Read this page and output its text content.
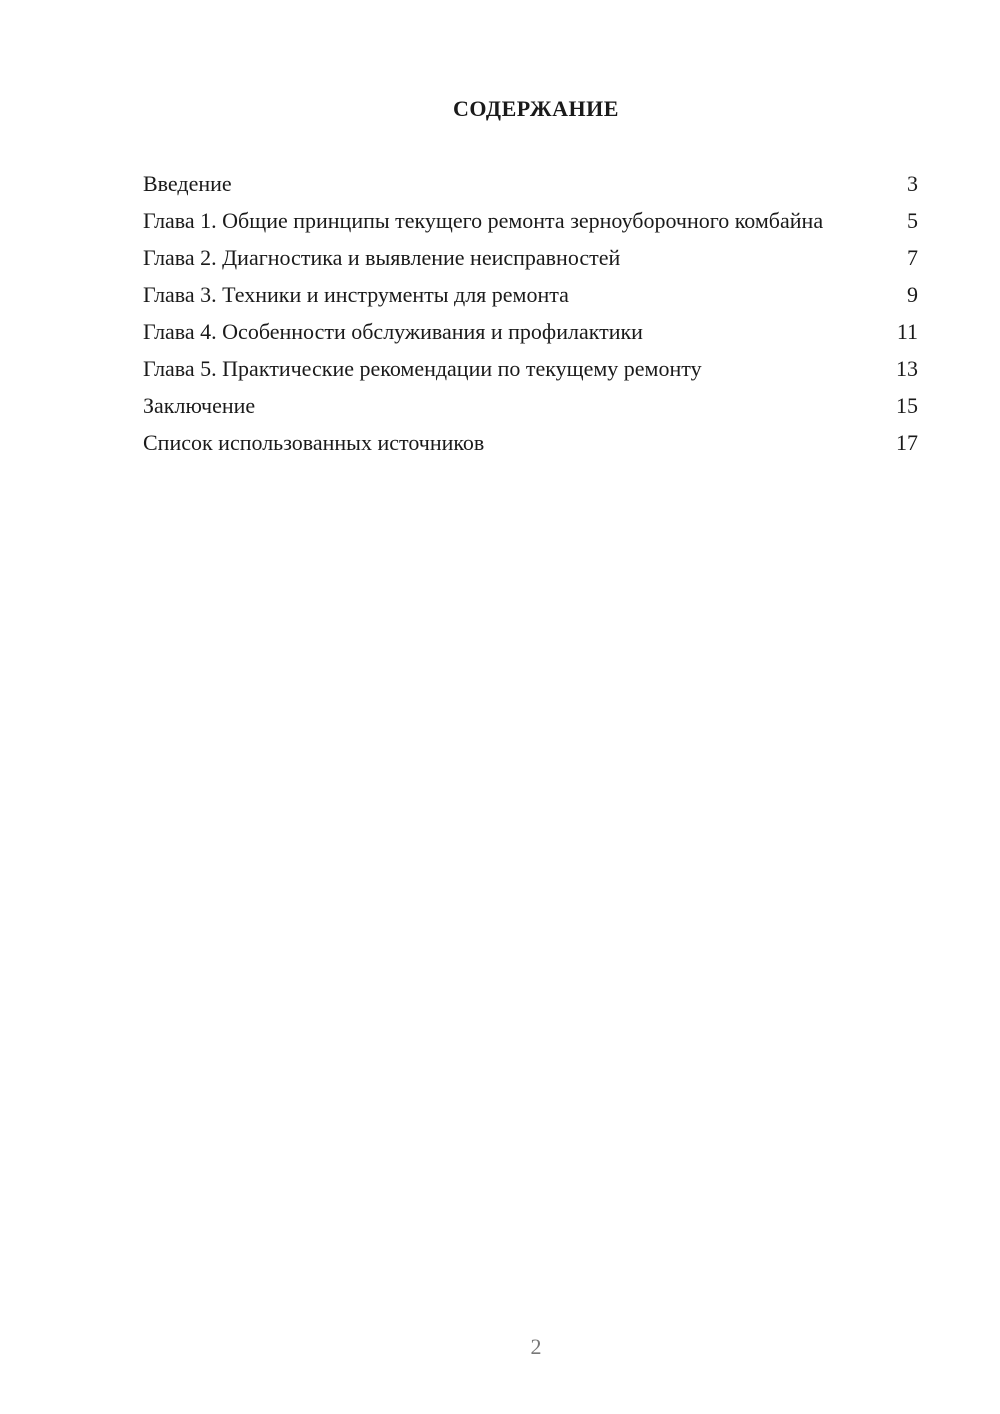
СОДЕРЖАНИЕ
Введение	3
Глава 1. Общие принципы текущего ремонта зерноуборочного комбайна	5
Глава 2. Диагностика и выявление неисправностей	7
Глава 3. Техники и инструменты для ремонта	9
Глава 4. Особенности обслуживания и профилактики	11
Глава 5. Практические рекомендации по текущему ремонту	13
Заключение	15
Список использованных источников	17
2
